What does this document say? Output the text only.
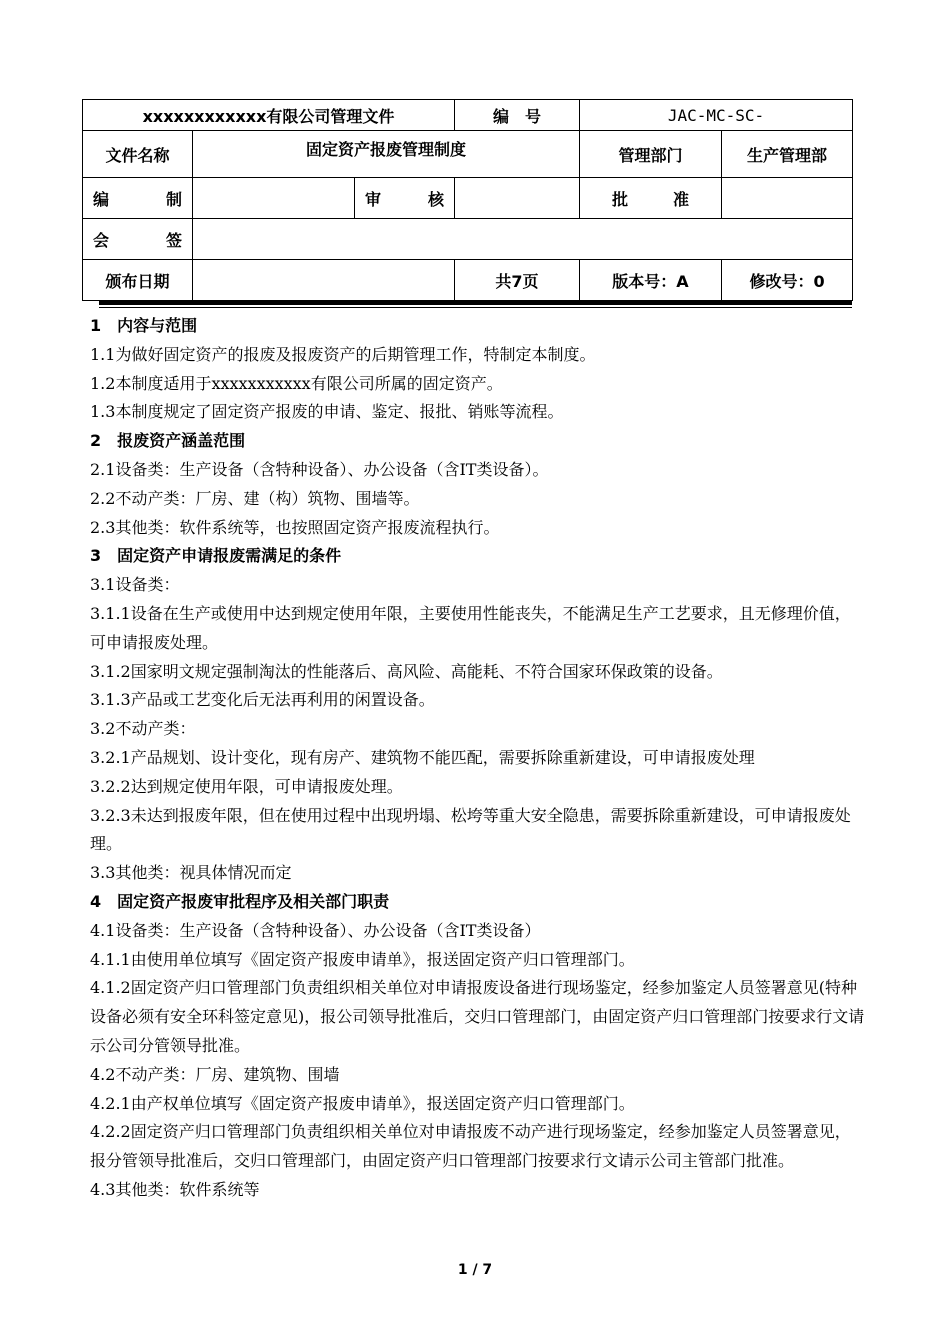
xxxxxxxxxxxx有限公司管理文件			编　号	JAC-MC-SC-	
文件名称	固定资产报废管理制度			管理部门	生产管理部

编 制		审 核		批 准	

会 签					

颁布日期			共7页	版本号：A	修改号：0

1　内容与范围

1.1为做好固定资产的报废及报废资产的后期管理工作，特制定本制度。

1.2本制度适用于xxxxxxxxxxx有限公司所属的固定资产。

1.3本制度规定了固定资产报废的申请、鉴定、报批、销账等流程。

2　报废资产涵盖范围

2.1设备类：生产设备（含特种设备）、办公设备（含IT类设备）。

2.2不动产类：厂房、建（构）筑物、围墙等。

2.3其他类：软件系统等，也按照固定资产报废流程执行。

3　固定资产申请报废需满足的条件

3.1设备类：

3.1.1设备在生产或使用中达到规定使用年限，主要使用性能丧失，不能满足生产工艺要求，且无修理价值，可申请报废处理。

3.1.2国家明文规定强制淘汰的性能落后、高风险、高能耗、不符合国家环保政策的设备。

3.1.3产品或工艺变化后无法再利用的闲置设备。

3.2不动产类：

3.2.1产品规划、设计变化，现有房产、建筑物不能匹配，需要拆除重新建设，可申请报废处理

3.2.2达到规定使用年限，可申请报废处理。

3.2.3未达到报废年限，但在使用过程中出现坍塌、松垮等重大安全隐患，需要拆除重新建设，可申请报废处理。

3.3其他类：视具体情况而定

4　固定资产报废审批程序及相关部门职责

4.1设备类：生产设备（含特种设备）、办公设备（含IT类设备）

4.1.1由使用单位填写《固定资产报废申请单》，报送固定资产归口管理部门。

4.1.2固定资产归口管理部门负责组织相关单位对申请报废设备进行现场鉴定，经参加鉴定人员签署意见(特种设备必须有安全环科签定意见)，报公司领导批准后，交归口管理部门，由固定资产归口管理部门按要求行文请示公司分管领导批准。

4.2不动产类：厂房、建筑物、围墙

4.2.1由产权单位填写《固定资产报废申请单》，报送固定资产归口管理部门。

4.2.2固定资产归口管理部门负责组织相关单位对申请报废不动产进行现场鉴定，经参加鉴定人员签署意见，报分管领导批准后，交归口管理部门，由固定资产归口管理部门按要求行文请示公司主管部门批准。

4.3其他类：软件系统等

1 / 7
